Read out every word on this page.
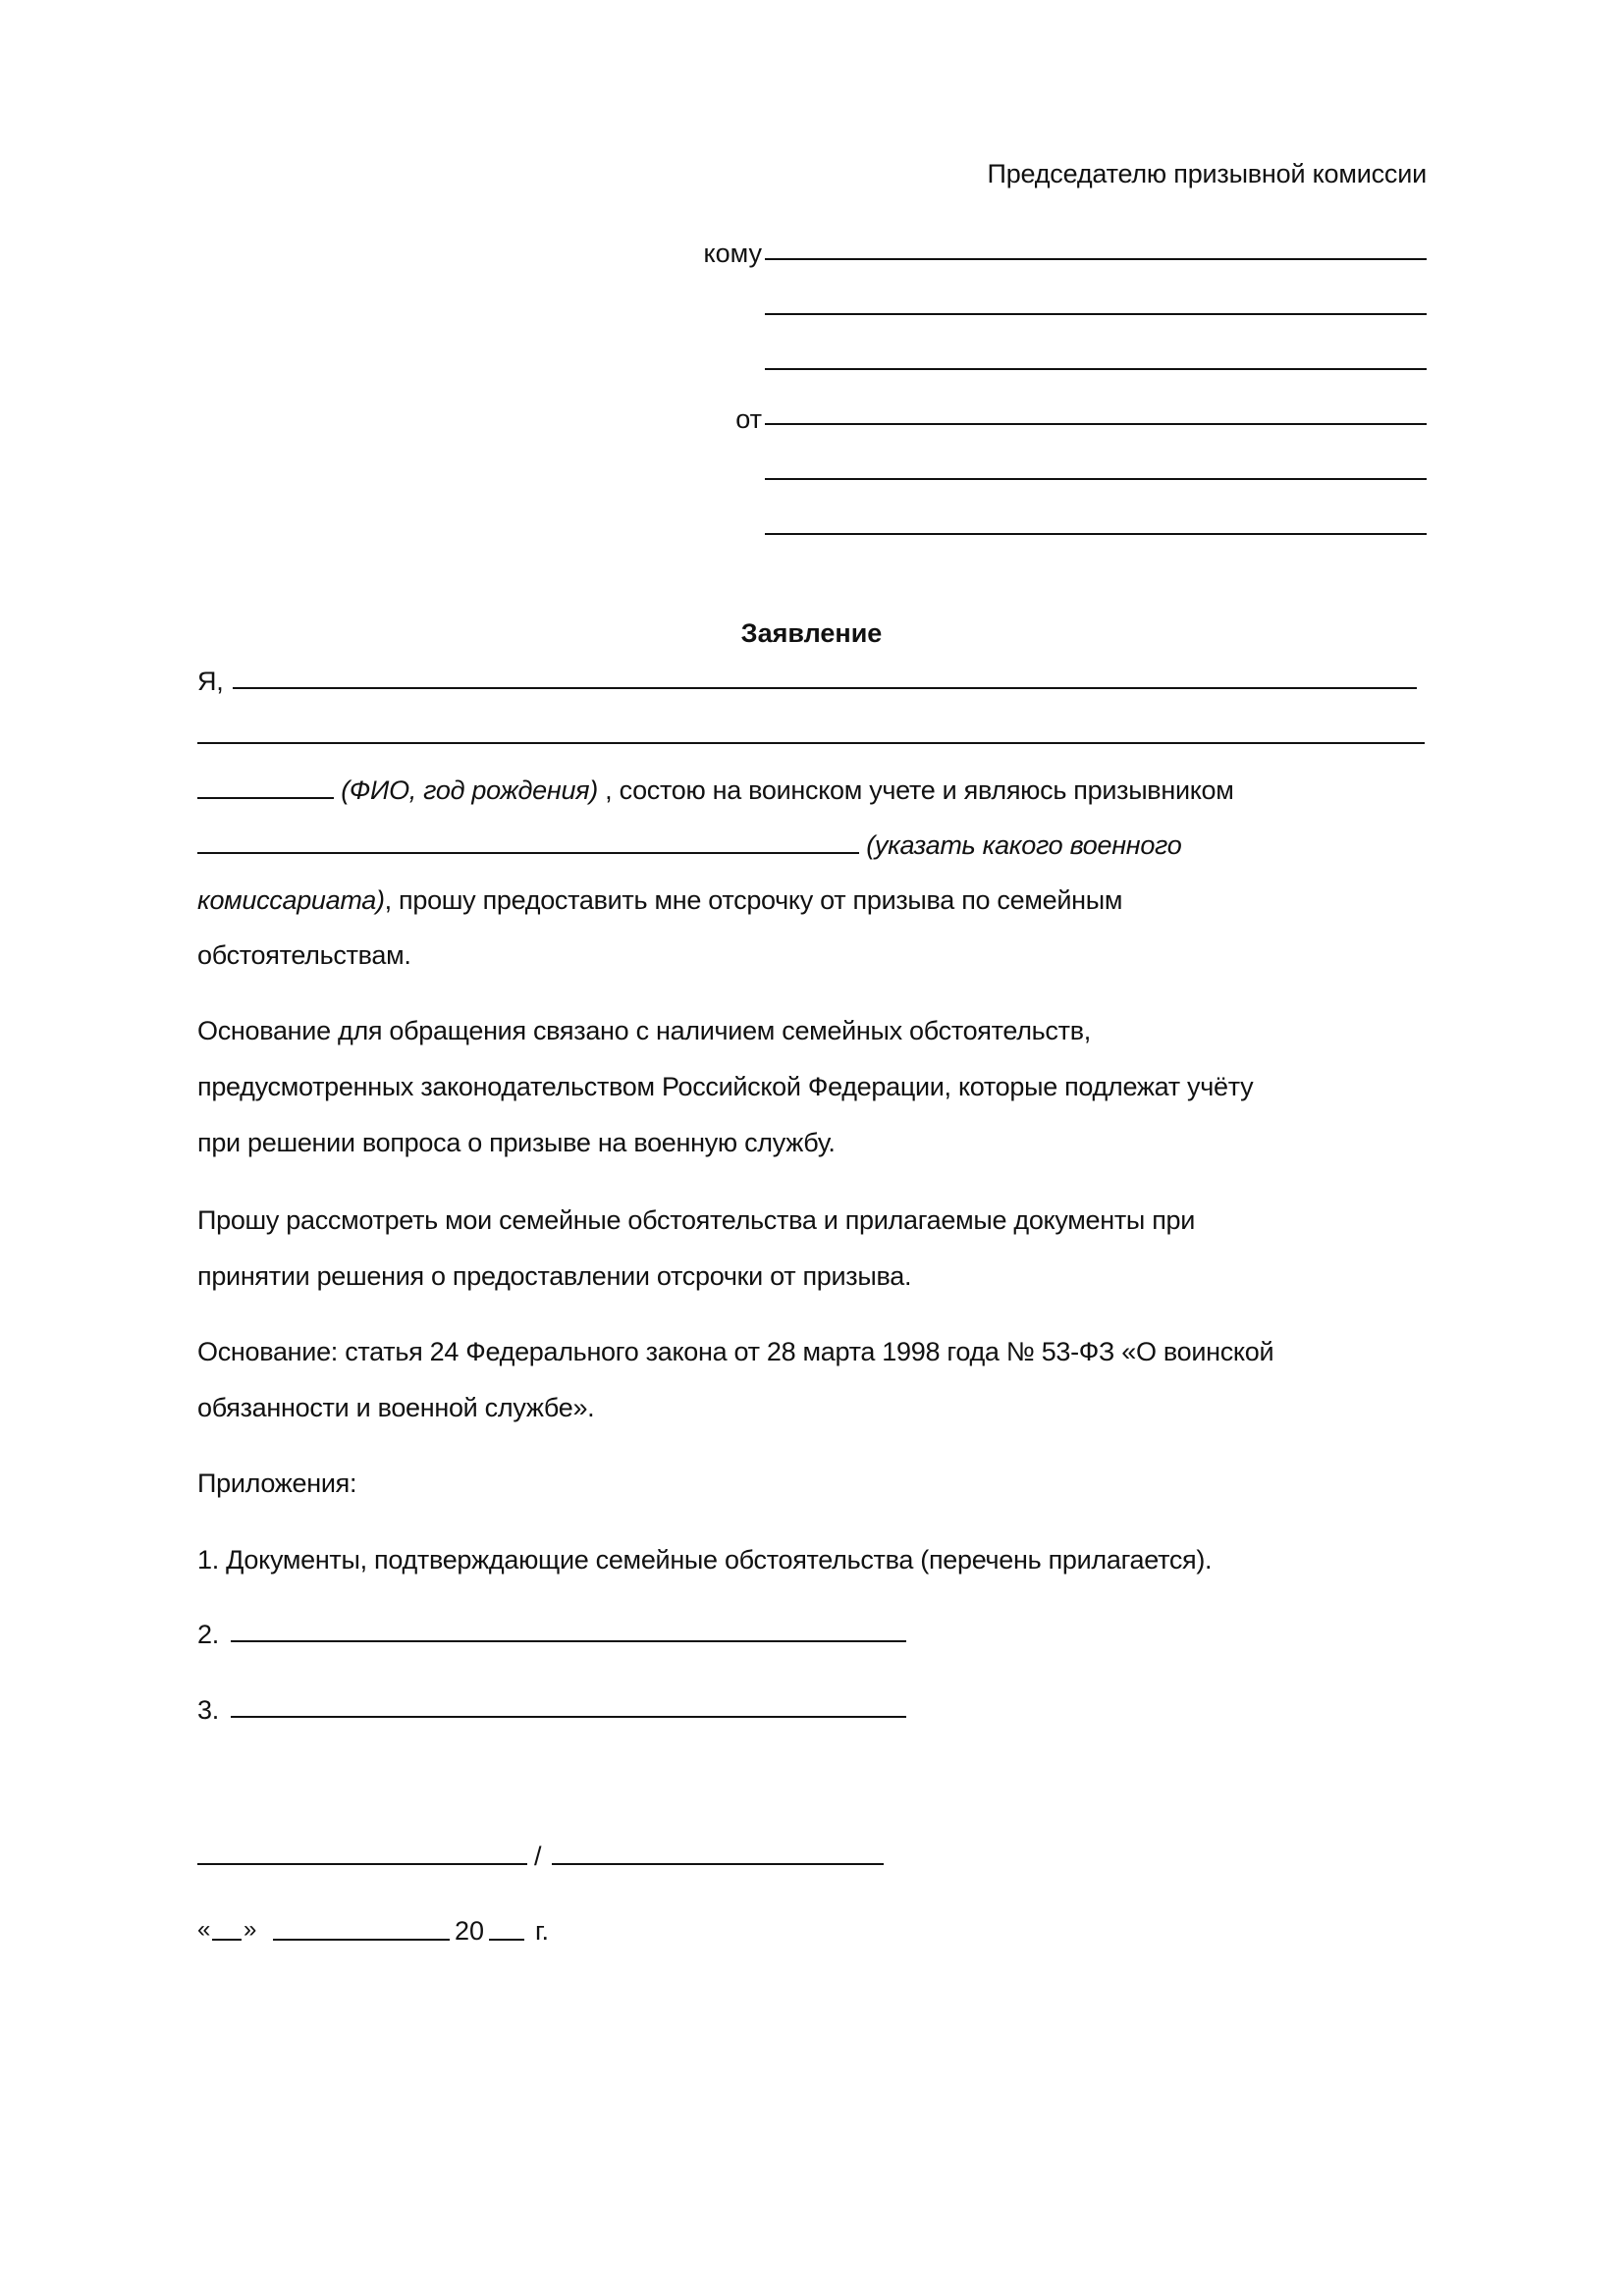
Председателю призывной комиссии
кому
от
Заявление
Я,
(ФИО, год рождения) , состою на воинском учете и являюсь призывником
(указать какого военного
комиссариата), прошу предоставить мне отсрочку от призыва по семейным
обстоятельствам.
Основание для обращения связано с наличием семейных обстоятельств,
предусмотренных законодательством Российской Федерации, которые подлежат учёту
при решении вопроса о призыве на военную службу.
Прошу рассмотреть мои семейные обстоятельства и прилагаемые документы при
принятии решения о предоставлении отсрочки от призыва.
Основание: статья 24 Федерального закона от 28 марта 1998 года № 53-ФЗ «О воинской
обязанности и военной службе».
Приложения:
1. Документы, подтверждающие семейные обстоятельства (перечень прилагается).
2.
3.
/
« »	20 г.
